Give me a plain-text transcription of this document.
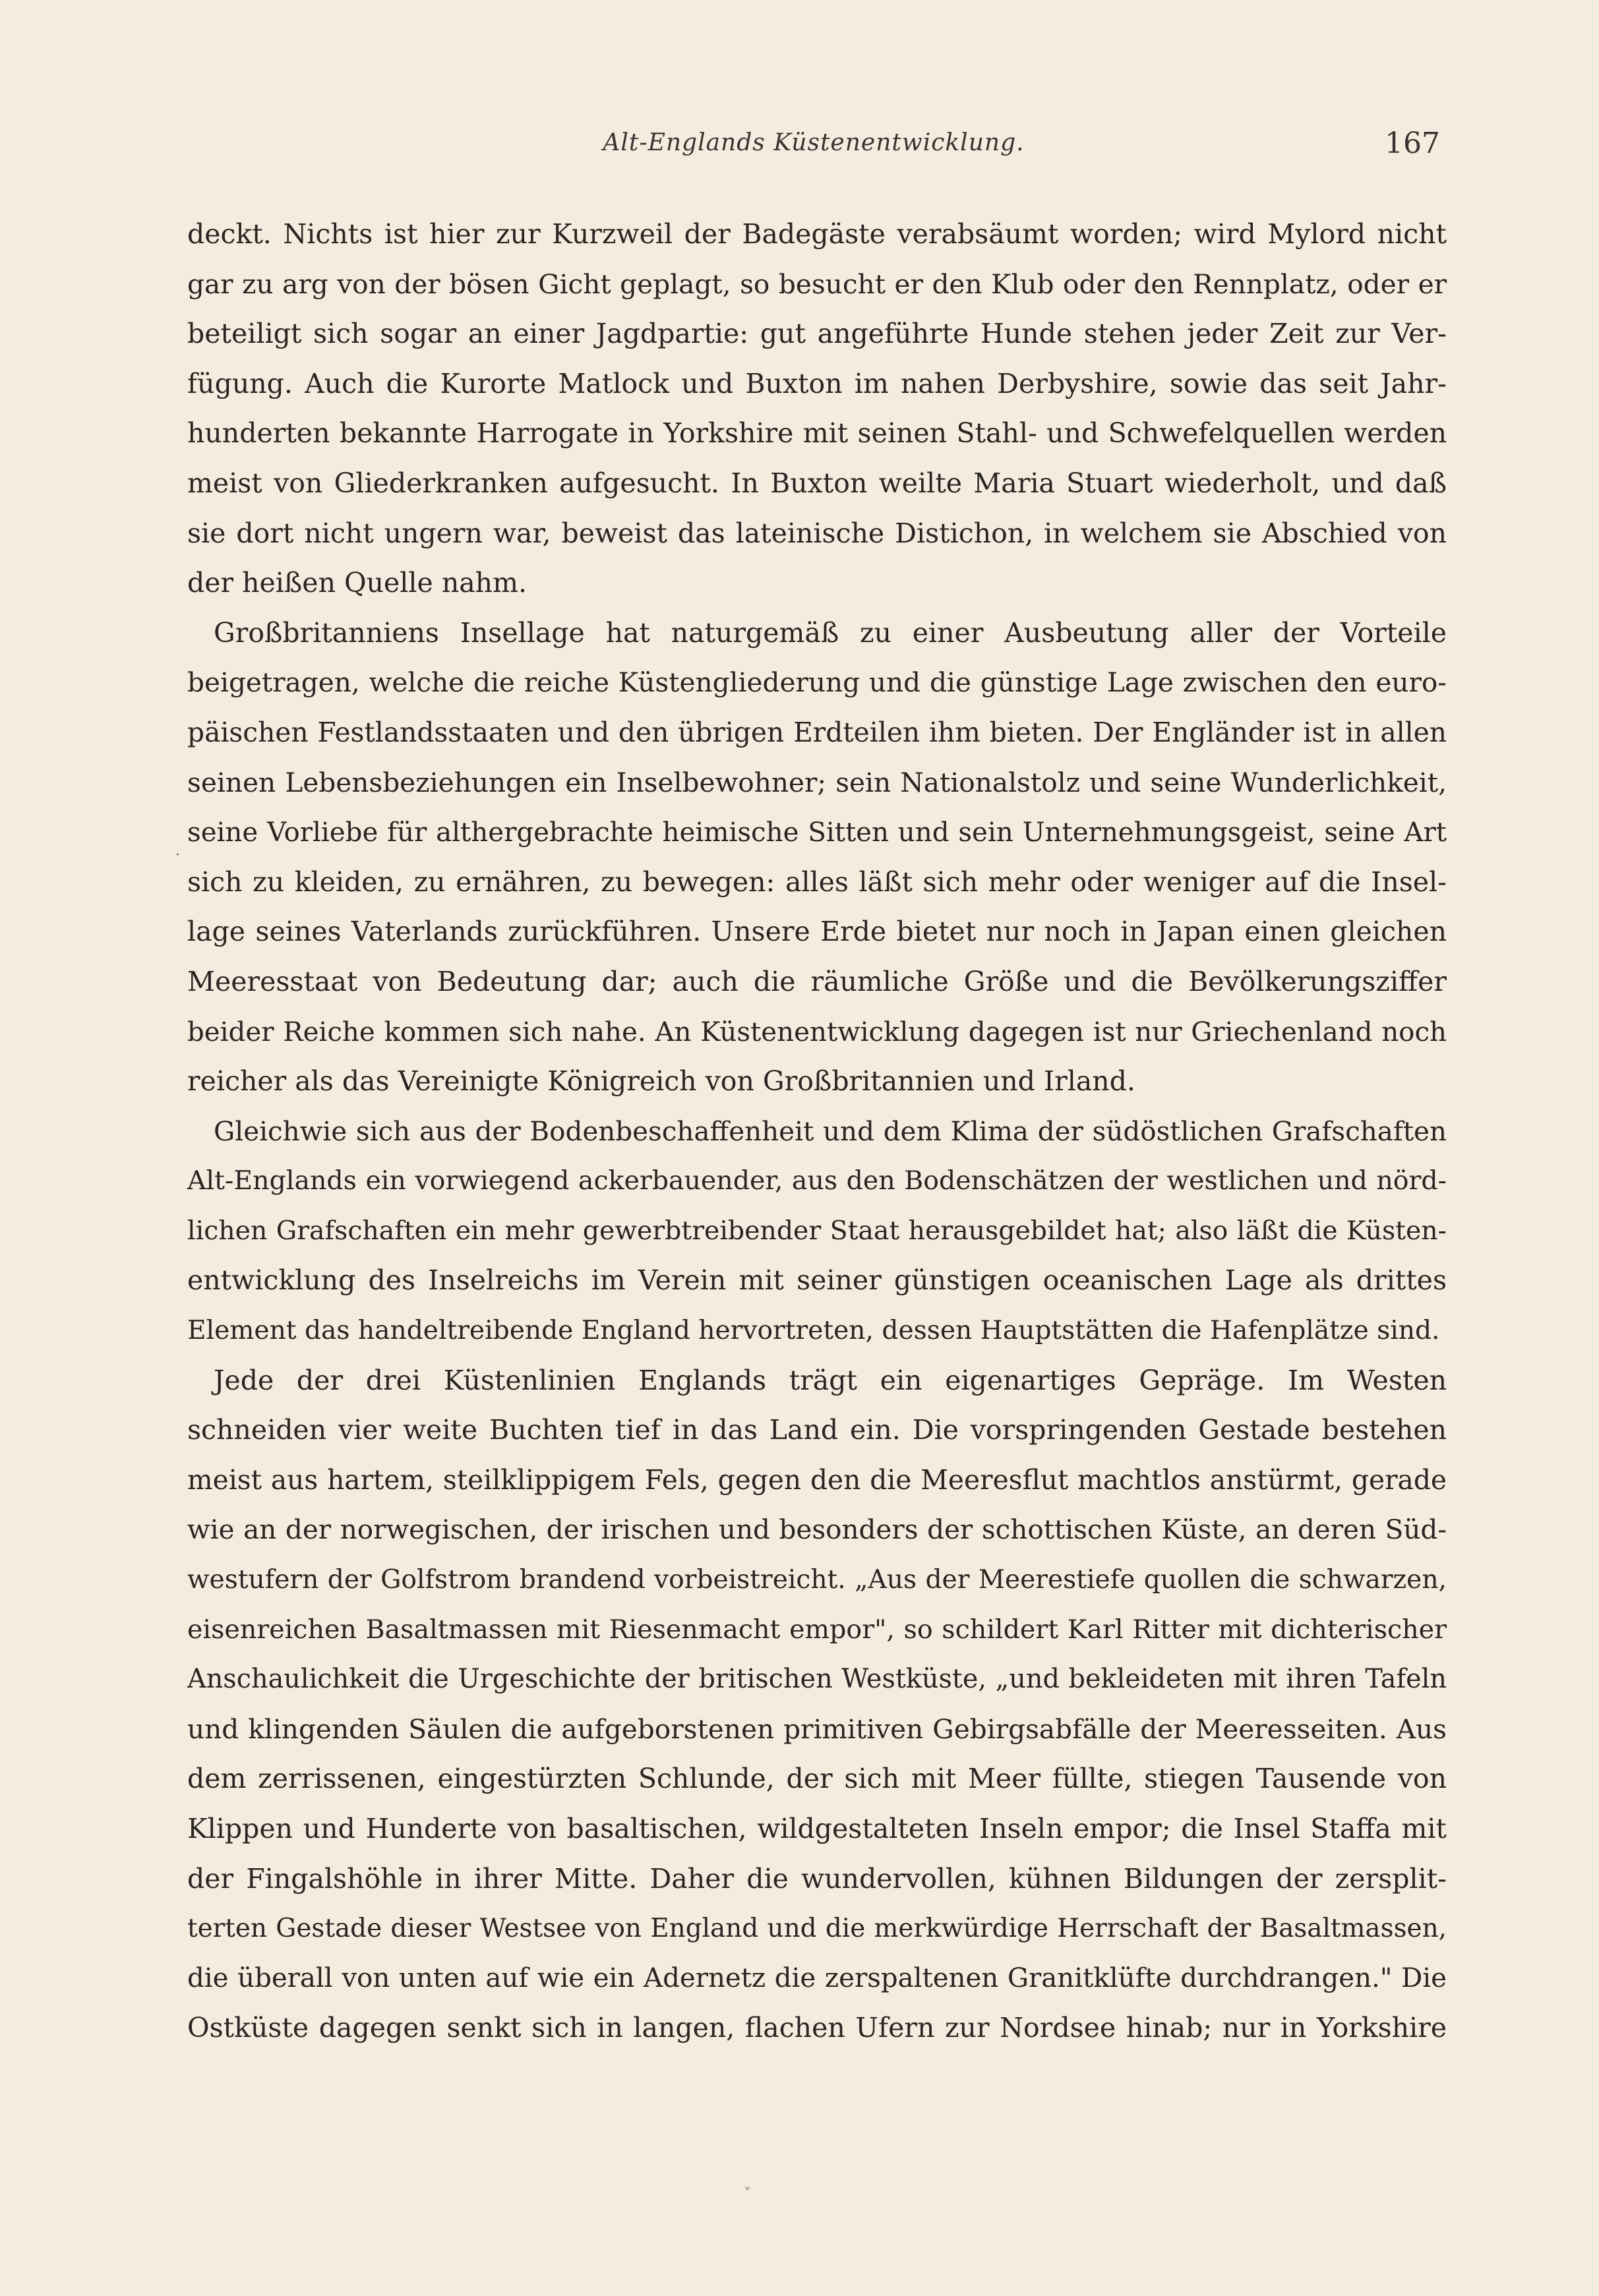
Alt-Englands Küstenentwicklung.	167
deckt. Nichts ist hier zur Kurzweil der Badegäste verabsäumt worden; wird Mylord nicht
gar zu arg von der bösen Gicht geplagt, so besucht er den Klub oder den Rennplatz, oder er
beteiligt sich sogar an einer Jagdpartie: gut angeführte Hunde stehen jeder Zeit zur Ver-
fügung. Auch die Kurorte Matlock und Buxton im nahen Derbyshire, sowie das seit Jahr-
hunderten bekannte Harrogate in Yorkshire mit seinen Stahl- und Schwefelquellen werden
meist von Gliederkranken aufgesucht. In Buxton weilte Maria Stuart wiederholt, und daß
sie dort nicht ungern war, beweist das lateinische Distichon, in welchem sie Abschied von
der heißen Quelle nahm.
Großbritanniens Insellage hat naturgemäß zu einer Ausbeutung aller der Vorteile
beigetragen, welche die reiche Küstengliederung und die günstige Lage zwischen den euro-
päischen Festlandsstaaten und den übrigen Erdteilen ihm bieten. Der Engländer ist in allen
seinen Lebensbeziehungen ein Inselbewohner; sein Nationalstolz und seine Wunderlichkeit,
seine Vorliebe für althergebrachte heimische Sitten und sein Unternehmungsgeist, seine Art
sich zu kleiden, zu ernähren, zu bewegen: alles läßt sich mehr oder weniger auf die Insel-
lage seines Vaterlands zurückführen. Unsere Erde bietet nur noch in Japan einen gleichen
Meeresstaat von Bedeutung dar; auch die räumliche Größe und die Bevölkerungsziffer
beider Reiche kommen sich nahe. An Küstenentwicklung dagegen ist nur Griechenland noch
reicher als das Vereinigte Königreich von Großbritannien und Irland.
Gleichwie sich aus der Bodenbeschaffenheit und dem Klima der südöstlichen Grafschaften
Alt-Englands ein vorwiegend ackerbauender, aus den Bodenschätzen der westlichen und nörd-
lichen Grafschaften ein mehr gewerbtreibender Staat herausgebildet hat; also läßt die Küsten-
entwicklung des Inselreichs im Verein mit seiner günstigen oceanischen Lage als drittes
Element das handeltreibende England hervortreten, dessen Hauptstätten die Hafenplätze sind.
Jede der drei Küstenlinien Englands trägt ein eigenartiges Gepräge. Im Westen
schneiden vier weite Buchten tief in das Land ein. Die vorspringenden Gestade bestehen
meist aus hartem, steilklippigem Fels, gegen den die Meeresflut machtlos anstürmt, gerade
wie an der norwegischen, der irischen und besonders der schottischen Küste, an deren Süd-
westufern der Golfstrom brandend vorbeistreicht. „Aus der Meerestiefe quollen die schwarzen,
eisenreichen Basaltmassen mit Riesenmacht empor", so schildert Karl Ritter mit dichterischer
Anschaulichkeit die Urgeschichte der britischen Westküste, „und bekleideten mit ihren Tafeln
und klingenden Säulen die aufgeborstenen primitiven Gebirgsabfälle der Meeresseiten. Aus
dem zerrissenen, eingestürzten Schlunde, der sich mit Meer füllte, stiegen Tausende von
Klippen und Hunderte von basaltischen, wildgestalteten Inseln empor; die Insel Staffa mit
der Fingalshöhle in ihrer Mitte. Daher die wundervollen, kühnen Bildungen der zersplit-
terten Gestade dieser Westsee von England und die merkwürdige Herrschaft der Basaltmassen,
die überall von unten auf wie ein Adernetz die zerspaltenen Granitklüfte durchdrangen." Die
Ostküste dagegen senkt sich in langen, flachen Ufern zur Nordsee hinab; nur in Yorkshire
.
˅
